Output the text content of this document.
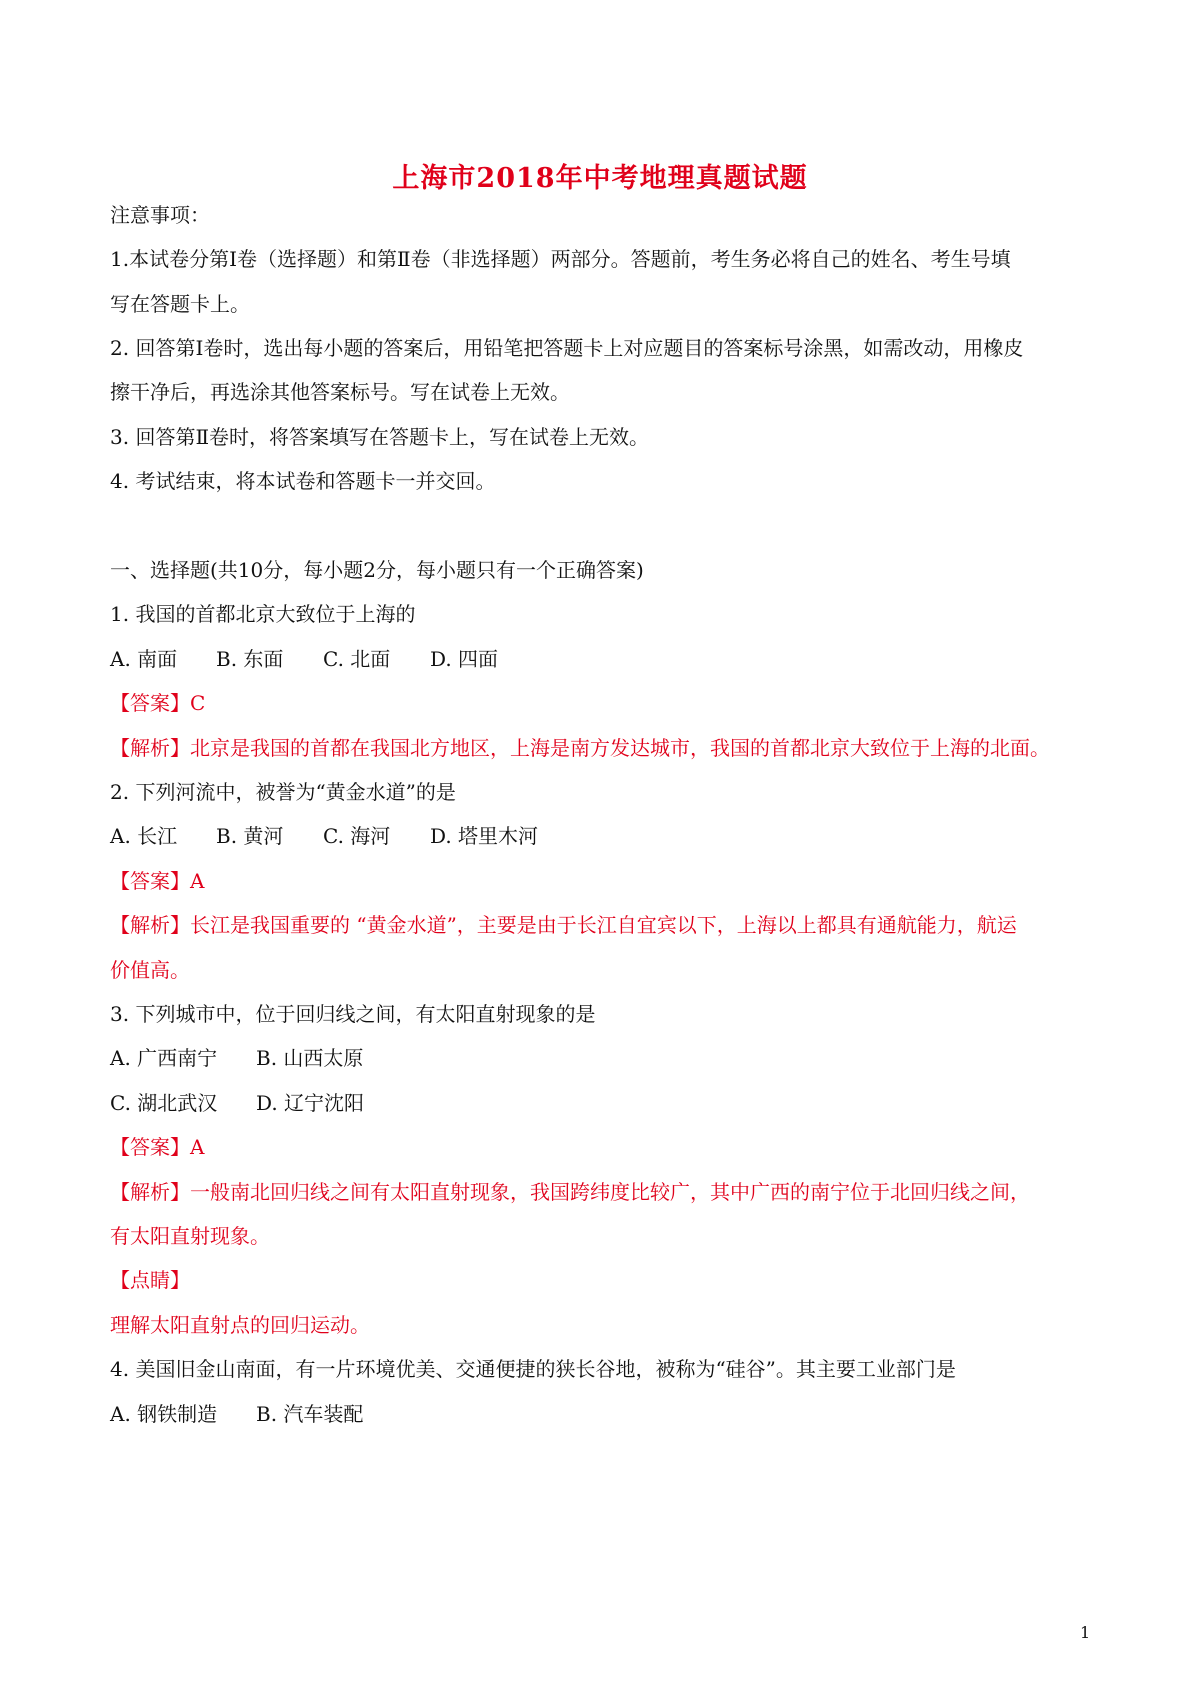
上海市2018年中考地理真题试题
注意事项：
1.本试卷分第Ⅰ卷（选择题）和第Ⅱ卷（非选择题）两部分。答题前，考生务必将自己的姓名、考生号填
写在答题卡上。
2. 回答第Ⅰ卷时，选出每小题的答案后，用铅笔把答题卡上对应题目的答案标号涂黑，如需改动，用橡皮
擦干净后，再选涂其他答案标号。写在试卷上无效。
3. 回答第Ⅱ卷时，将答案填写在答题卡上，写在试卷上无效。
4. 考试结束，将本试卷和答题卡一并交回。
一、选择题(共10分，每小题2分，每小题只有一个正确答案)
1. 我国的首都北京大致位于上海的
A. 南面 B. 东面 C. 北面 D. 四面
【答案】C
【解析】北京是我国的首都在我国北方地区，上海是南方发达城市，我国的首都北京大致位于上海的北面。
2. 下列河流中，被誉为“黄金水道”的是
A. 长江 B. 黄河 C. 海河 D. 塔里木河
【答案】A
【解析】长江是我国重要的 “黄金水道”，主要是由于长江自宜宾以下，上海以上都具有通航能力，航运
价值高。
3. 下列城市中，位于回归线之间，有太阳直射现象的是
A. 广西南宁 B. 山西太原
C. 湖北武汉 D. 辽宁沈阳
【答案】A
【解析】一般南北回归线之间有太阳直射现象，我国跨纬度比较广，其中广西的南宁位于北回归线之间，
有太阳直射现象。
【点睛】
理解太阳直射点的回归运动。
4. 美国旧金山南面，有一片环境优美、交通便捷的狭长谷地，被称为“硅谷”。其主要工业部门是
A. 钢铁制造 B. 汽车装配
1
